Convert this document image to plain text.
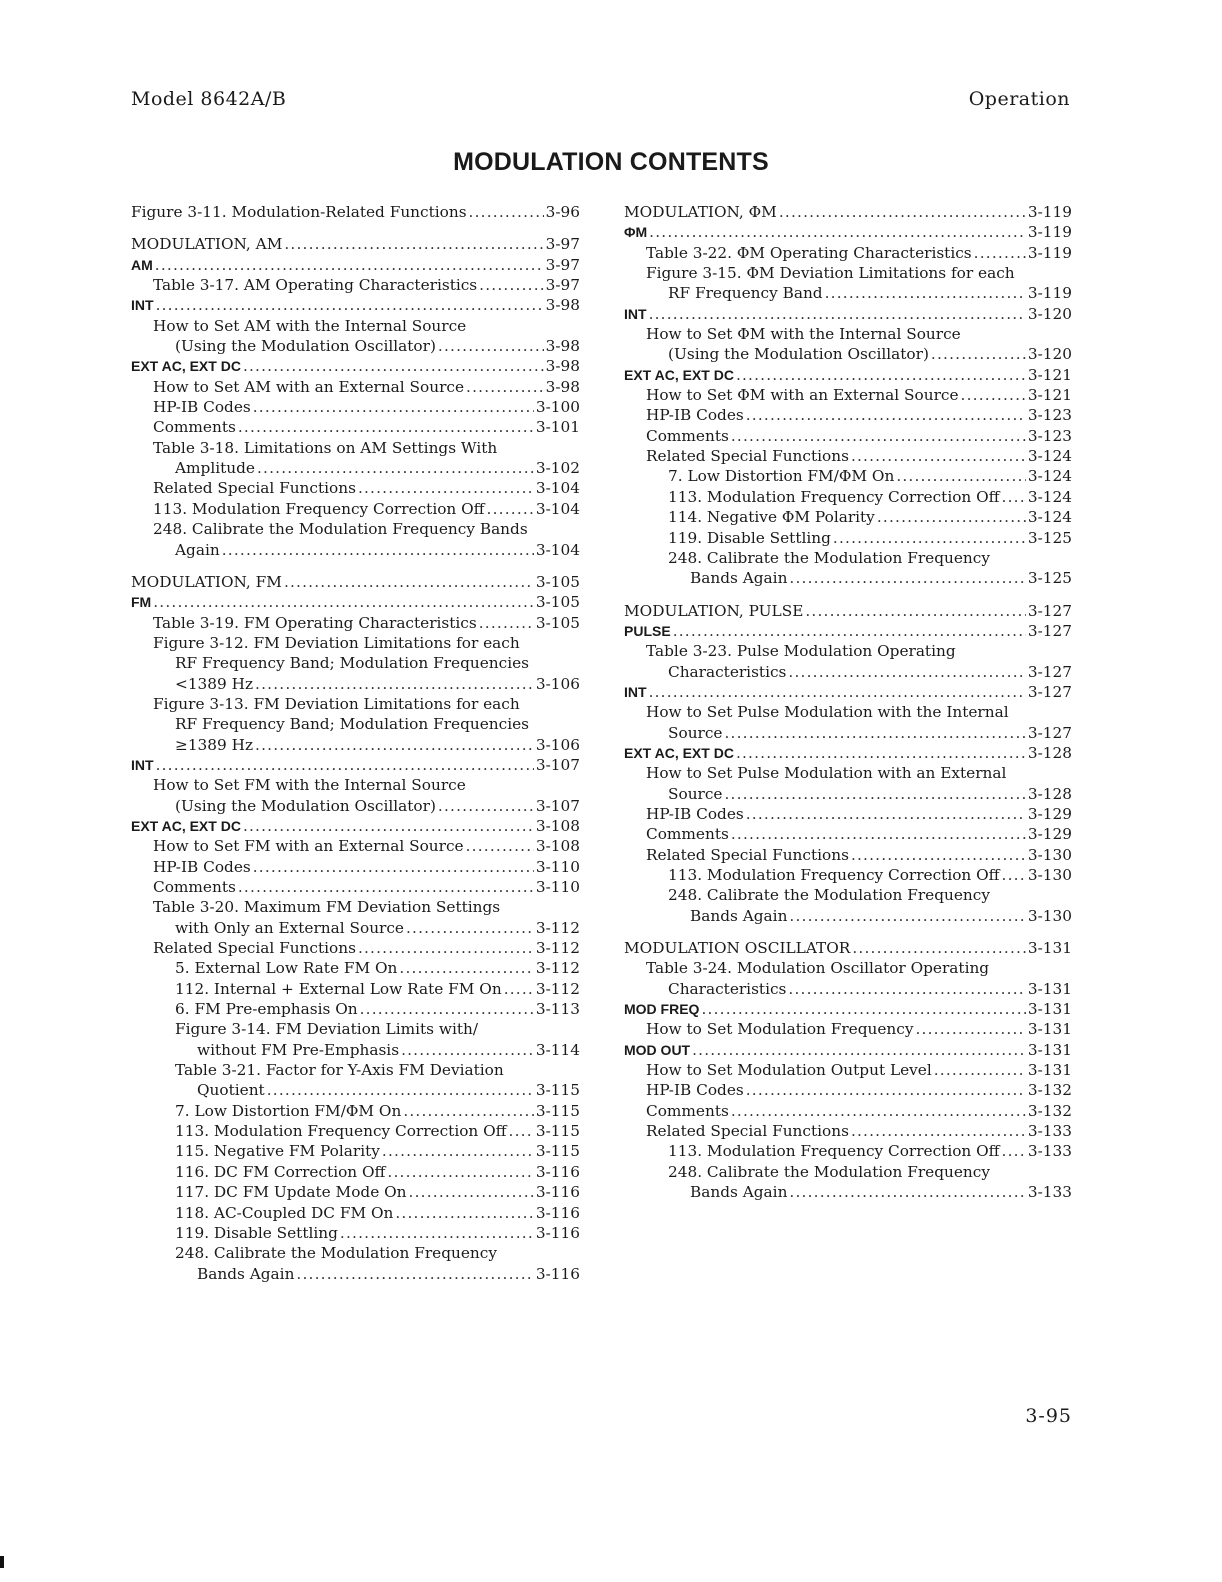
Model 8642A/B	Operation
MODULATION CONTENTS
Figure 3-11. Modulation-Related Functions .....	3-96
MODULATION, AM .....	3-97
AM .....	3-97
Table 3-17. AM Operating Characteristics .....	3-97
INT .....	3-98
How to Set AM with the Internal Source
(Using the Modulation Oscillator) .....	3-98
EXT AC, EXT DC .....	3-98
How to Set AM with an External Source .....	3-98
HP-IB Codes .....	3-100
Comments .....	3-101
Table 3-18. Limitations on AM Settings With
Amplitude .....	3-102
Related Special Functions .....	3-104
113. Modulation Frequency Correction Off .....	3-104
248. Calibrate the Modulation Frequency Bands
Again .....	3-104
MODULATION, FM .....	3-105
FM .....	3-105
Table 3-19. FM Operating Characteristics .....	3-105
Figure 3-12. FM Deviation Limitations for each
RF Frequency Band; Modulation Frequencies
<1389 Hz .....	3-106
Figure 3-13. FM Deviation Limitations for each
RF Frequency Band; Modulation Frequencies
≥1389 Hz .....	3-106
INT .....	3-107
How to Set FM with the Internal Source
(Using the Modulation Oscillator) .....	3-107
EXT AC, EXT DC .....	3-108
How to Set FM with an External Source .....	3-108
HP-IB Codes .....	3-110
Comments .....	3-110
Table 3-20. Maximum FM Deviation Settings
with Only an External Source .....	3-112
Related Special Functions .....	3-112
5. External Low Rate FM On .....	3-112
112. Internal + External Low Rate FM On ..... 3-112
6. FM Pre-emphasis On .....	3-113
Figure 3-14. FM Deviation Limits with/
without FM Pre-Emphasis .....	3-114
Table 3-21. Factor for Y-Axis FM Deviation
Quotient .....	3-115
7. Low Distortion FM/ΦM On .....	3-115
113. Modulation Frequency Correction Off ..... 3-115
115. Negative FM Polarity .....	3-115
116. DC FM Correction Off .....	3-116
117. DC FM Update Mode On .....	3-116
118. AC-Coupled DC FM On .....	3-116
119. Disable Settling .....	3-116
248. Calibrate the Modulation Frequency
Bands Again .....	3-116
MODULATION, ΦM .....	3-119
ΦM .....	3-119
Table 3-22. ΦM Operating Characteristics .....	3-119
Figure 3-15. ΦM Deviation Limitations for each
RF Frequency Band .....	3-119
INT .....	3-120
How to Set ΦM with the Internal Source
(Using the Modulation Oscillator) .....	3-120
EXT AC, EXT DC .....	3-121
How to Set ΦM with an External Source .....	3-121
HP-IB Codes .....	3-123
Comments .....	3-123
Related Special Functions .....	3-124
7. Low Distortion FM/ΦM On .....	3-124
113. Modulation Frequency Correction Off ..... 3-124
114. Negative ΦM Polarity .....	3-124
119. Disable Settling .....	3-125
248. Calibrate the Modulation Frequency
Bands Again .....	3-125
MODULATION, PULSE .....	3-127
PULSE .....	3-127
Table 3-23. Pulse Modulation Operating
Characteristics .....	3-127
INT .....	3-127
How to Set Pulse Modulation with the Internal
Source .....	3-127
EXT AC, EXT DC .....	3-128
How to Set Pulse Modulation with an External
Source .....	3-128
HP-IB Codes .....	3-129
Comments .....	3-129
Related Special Functions .....	3-130
113. Modulation Frequency Correction Off ..... 3-130
248. Calibrate the Modulation Frequency
Bands Again .....	3-130
MODULATION OSCILLATOR .....	3-131
Table 3-24. Modulation Oscillator Operating
Characteristics .....	3-131
MOD FREQ .....	3-131
How to Set Modulation Frequency .....	3-131
MOD OUT .....	3-131
How to Set Modulation Output Level .....	3-131
HP-IB Codes .....	3-132
Comments .....	3-132
Related Special Functions .....	3-133
113. Modulation Frequency Correction Off ..... 3-133
248. Calibrate the Modulation Frequency
Bands Again .....	3-133
3-95
